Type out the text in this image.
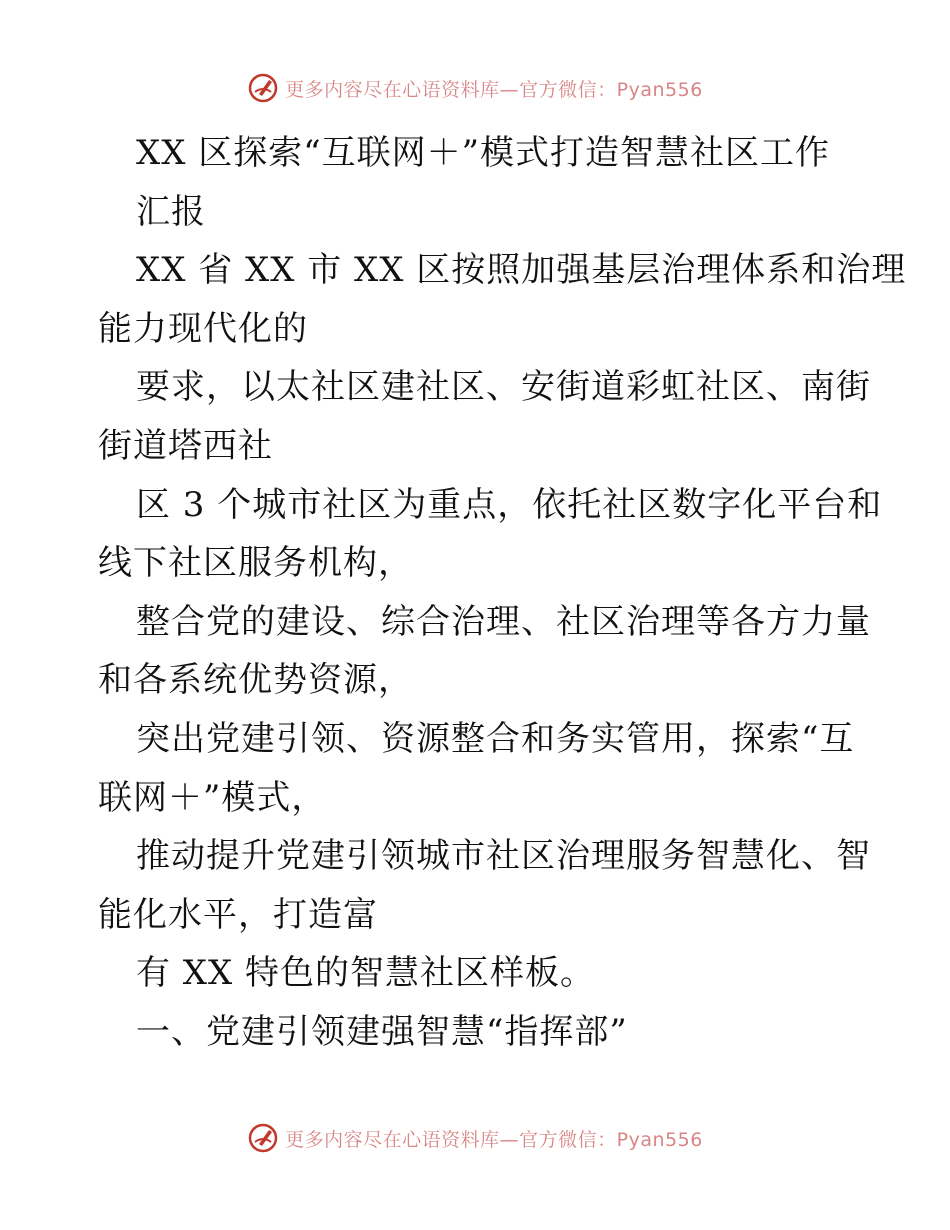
更多内容尽在心语资料库—官方微信：Pyan556
XX 区探索“互联网＋”模式打造智慧社区工作
汇报
XX 省 XX 市 XX 区按照加强基层治理体系和治理
能力现代化的
要求，以太社区建社区、安街道彩虹社区、南街
街道塔西社
区 3 个城市社区为重点，依托社区数字化平台和
线下社区服务机构，
整合党的建设、综合治理、社区治理等各方力量
和各系统优势资源，
突出党建引领、资源整合和务实管用，探索“互
联网＋”模式，
推动提升党建引领城市社区治理服务智慧化、智
能化水平，打造富
有 XX 特色的智慧社区样板。
一、党建引领建强智慧“指挥部”
更多内容尽在心语资料库—官方微信：Pyan556
